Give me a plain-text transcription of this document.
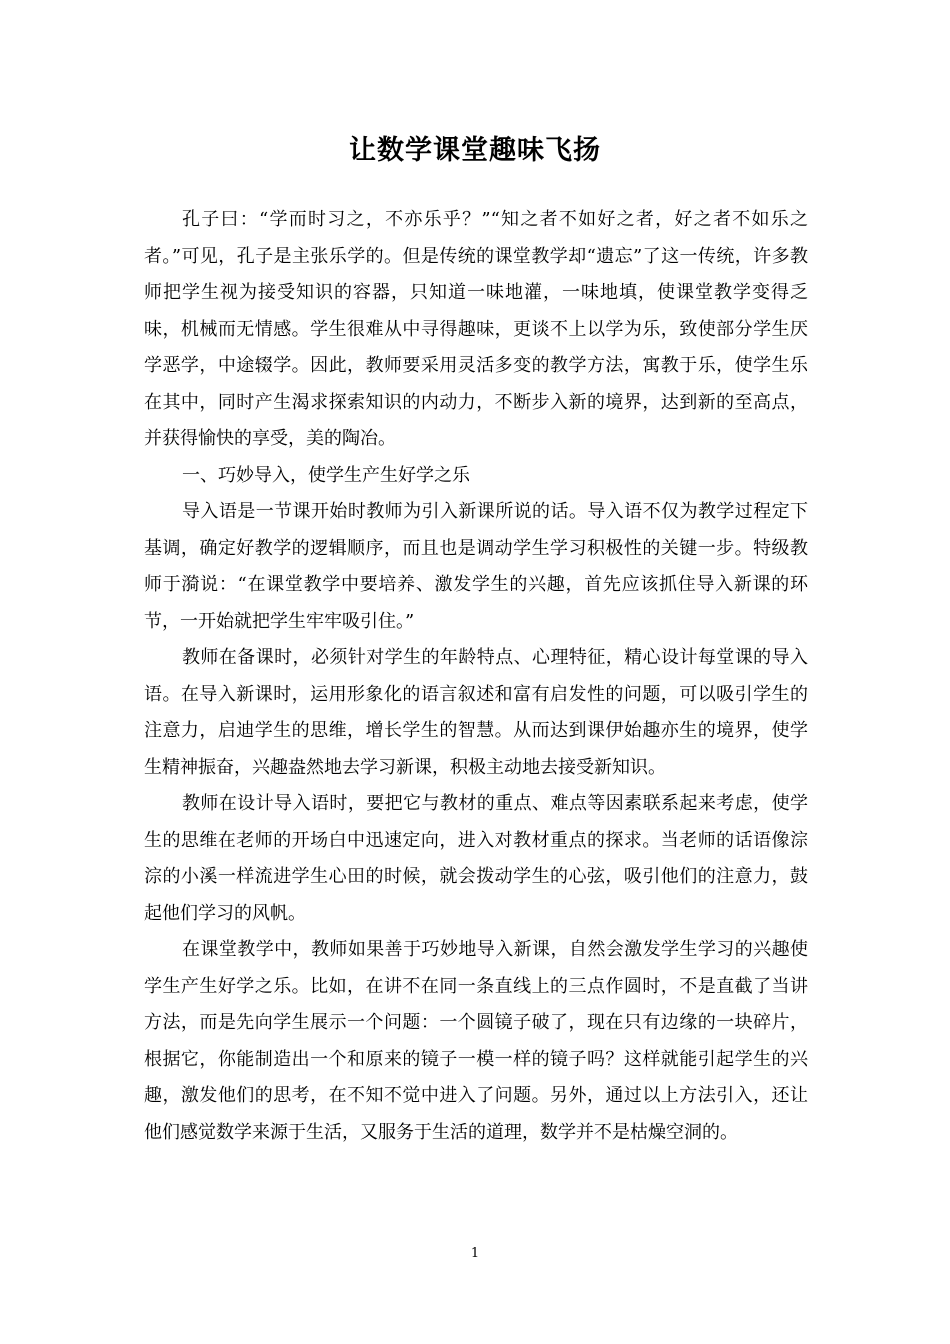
让数学课堂趣味飞扬

孔子曰：“学而时习之，不亦乐乎？”“知之者不如好之者，好之者不如乐之者。”可见，孔子是主张乐学的。但是传统的课堂教学却“遗忘”了这一传统，许多教师把学生视为接受知识的容器，只知道一味地灌，一味地填，使课堂教学变得乏味，机械而无情感。学生很难从中寻得趣味，更谈不上以学为乐，致使部分学生厌学恶学，中途辍学。因此，教师要采用灵活多变的教学方法，寓教于乐，使学生乐在其中，同时产生渴求探索知识的内动力，不断步入新的境界，达到新的至高点，并获得愉快的享受，美的陶冶。

一、巧妙导入，使学生产生好学之乐

导入语是一节课开始时教师为引入新课所说的话。导入语不仅为教学过程定下基调，确定好教学的逻辑顺序，而且也是调动学生学习积极性的关键一步。特级教师于漪说：“在课堂教学中要培养、激发学生的兴趣，首先应该抓住导入新课的环节，一开始就把学生牢牢吸引住。”

教师在备课时，必须针对学生的年龄特点、心理特征，精心设计每堂课的导入语。在导入新课时，运用形象化的语言叙述和富有启发性的问题，可以吸引学生的注意力，启迪学生的思维，增长学生的智慧。从而达到课伊始趣亦生的境界，使学生精神振奋，兴趣盎然地去学习新课，积极主动地去接受新知识。

教师在设计导入语时，要把它与教材的重点、难点等因素联系起来考虑，使学生的思维在老师的开场白中迅速定向，进入对教材重点的探求。当老师的话语像淙淙的小溪一样流进学生心田的时候，就会拨动学生的心弦，吸引他们的注意力，鼓起他们学习的风帆。

在课堂教学中，教师如果善于巧妙地导入新课，自然会激发学生学习的兴趣使学生产生好学之乐。比如，在讲不在同一条直线上的三点作圆时，不是直截了当讲方法，而是先向学生展示一个问题：一个圆镜子破了，现在只有边缘的一块碎片，根据它，你能制造出一个和原来的镜子一模一样的镜子吗？这样就能引起学生的兴趣，激发他们的思考，在不知不觉中进入了问题。另外，通过以上方法引入，还让他们感觉数学来源于生活，又服务于生活的道理，数学并不是枯燥空洞的。

1
